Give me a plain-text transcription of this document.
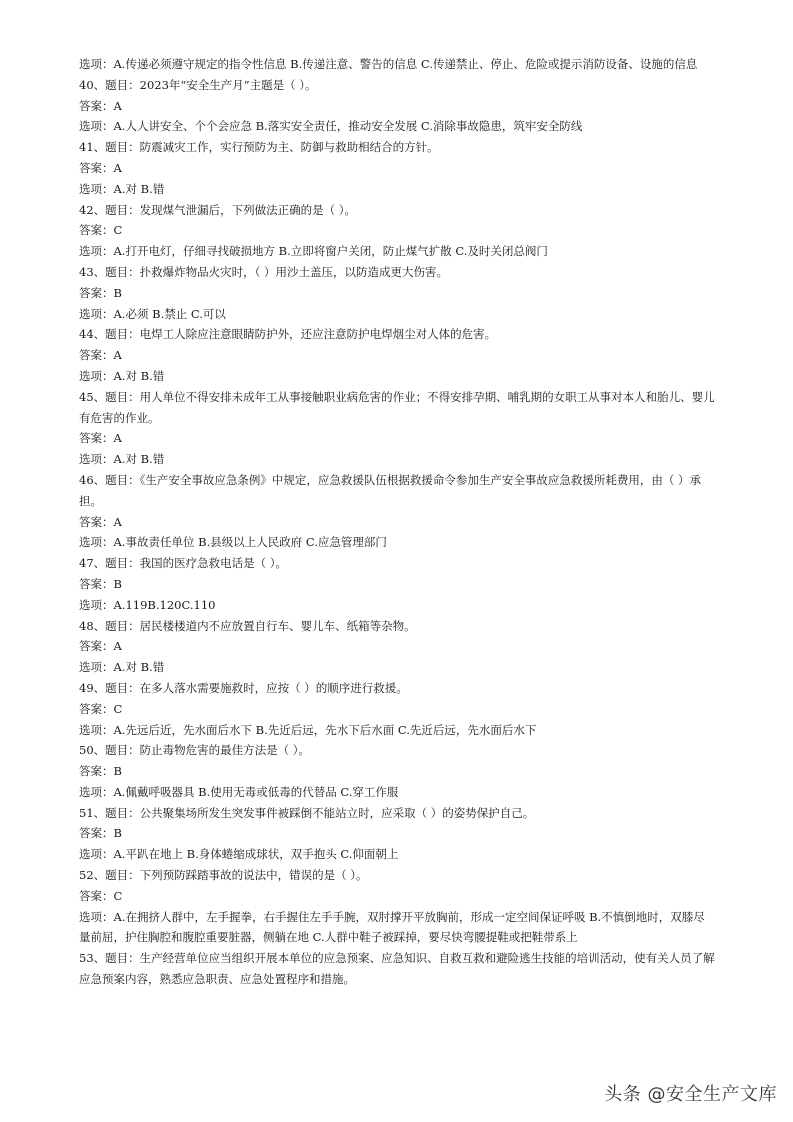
选项：A.传递必须遵守规定的指令性信息 B.传递注意、警告的信息 C.传递禁止、停止、危险或提示消防设备、设施的信息

40、题目：2023年“安全生产月”主题是（ ）。

答案：A

选项：A.人人讲安全、个个会应急 B.落实安全责任，推动安全发展 C.消除事故隐患，筑牢安全防线

41、题目：防震减灾工作，实行预防为主、防御与救助相结合的方针。

答案：A

选项：A.对 B.错

42、题目：发现煤气泄漏后，下列做法正确的是（ ）。

答案：C

选项：A.打开电灯，仔细寻找破损地方 B.立即将窗户关闭，防止煤气扩散 C.及时关闭总阀门

43、题目：扑救爆炸物品火灾时，（ ）用沙土盖压，以防造成更大伤害。

答案：B

选项：A.必须 B.禁止 C.可以

44、题目：电焊工人除应注意眼睛防护外，还应注意防护电焊烟尘对人体的危害。

答案：A

选项：A.对 B.错

45、题目：用人单位不得安排未成年工从事接触职业病危害的作业；不得安排孕期、哺乳期的女职工从事对本人和胎儿、婴儿有危害的作业。

答案：A

选项：A.对 B.错

46、题目：《生产安全事故应急条例》中规定，应急救援队伍根据救援命令参加生产安全事故应急救援所耗费用，由（ ）承担。

答案：A

选项：A.事故责任单位 B.县级以上人民政府 C.应急管理部门

47、题目：我国的医疗急救电话是（ ）。

答案：B

选项：A.119B.120C.110

48、题目：居民楼楼道内不应放置自行车、婴儿车、纸箱等杂物。

答案：A

选项：A.对 B.错

49、题目：在多人落水需要施救时，应按（ ）的顺序进行救援。

答案：C

选项：A.先远后近，先水面后水下 B.先近后远，先水下后水面 C.先近后远，先水面后水下

50、题目：防止毒物危害的最佳方法是（ ）。

答案：B

选项：A.佩戴呼吸器具 B.使用无毒或低毒的代替品 C.穿工作服

51、题目：公共聚集场所发生突发事件被踩倒不能站立时，应采取（ ）的姿势保护自己。

答案：B

选项：A.平趴在地上 B.身体蜷缩成球状，双手抱头 C.仰面朝上

52、题目：下列预防踩踏事故的说法中，错误的是（ ）。

答案：C

选项：A.在拥挤人群中，左手握拳，右手握住左手手腕，双肘撑开平放胸前，形成一定空间保证呼吸 B.不慎倒地时，双膝尽量前屈，护住胸腔和腹腔重要脏器，侧躺在地 C.人群中鞋子被踩掉，要尽快弯腰提鞋或把鞋带系上

53、题目：生产经营单位应当组织开展本单位的应急预案、应急知识、自救互救和避险逃生技能的培训活动，使有关人员了解应急预案内容，熟悉应急职责、应急处置程序和措施。

头条 @安全生产文库
